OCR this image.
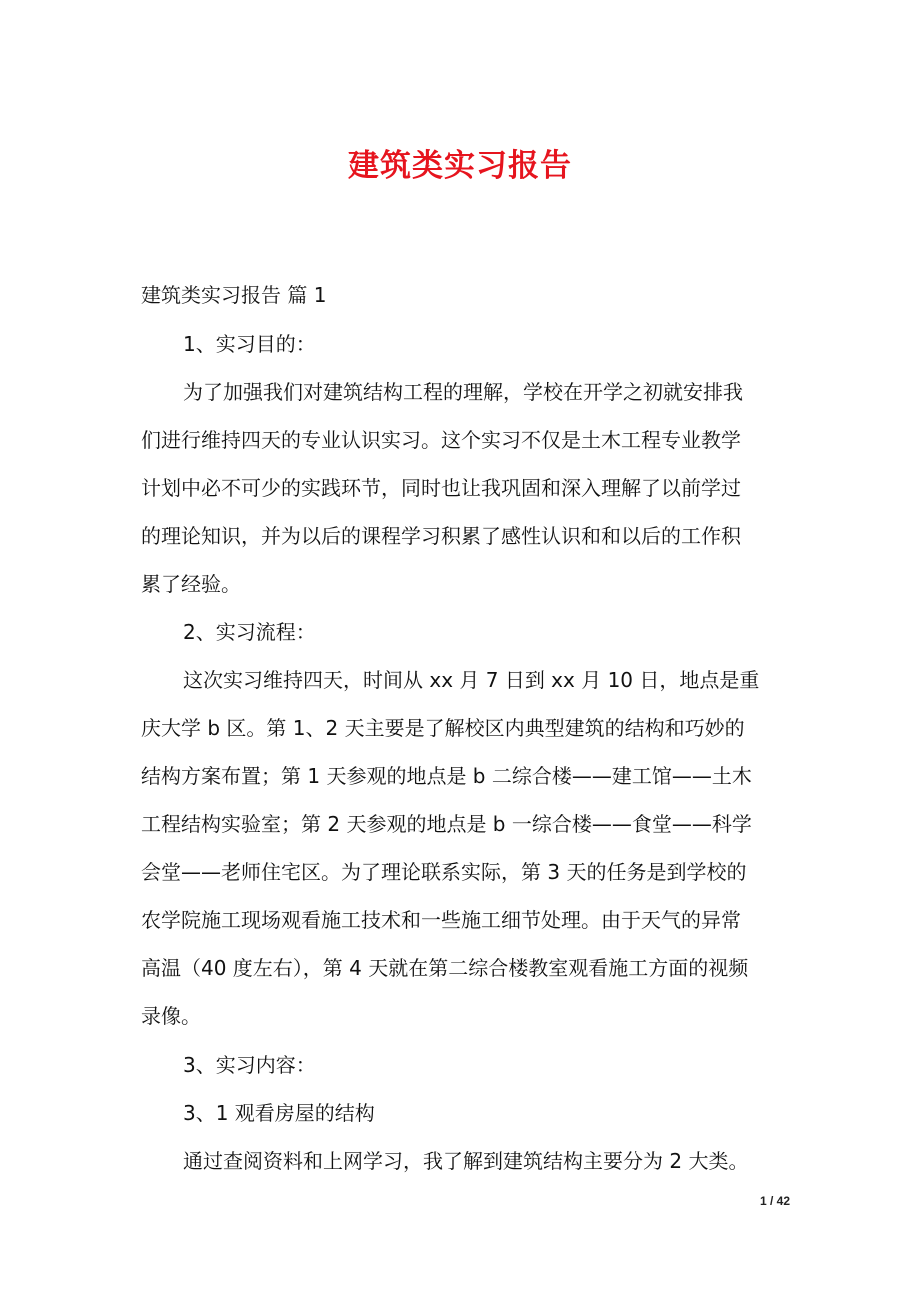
建筑类实习报告
建筑类实习报告 篇 1
1、实习目的：
为了加强我们对建筑结构工程的理解，学校在开学之初就安排我
们进行维持四天的专业认识实习。这个实习不仅是土木工程专业教学
计划中必不可少的实践环节，同时也让我巩固和深入理解了以前学过
的理论知识，并为以后的课程学习积累了感性认识和和以后的工作积
累了经验。
2、实习流程：
这次实习维持四天，时间从 xx 月 7 日到 xx 月 10 日，地点是重
庆大学 b 区。第 1、2 天主要是了解校区内典型建筑的结构和巧妙的
结构方案布置；第 1 天参观的地点是 b 二综合楼——建工馆——土木
工程结构实验室；第 2 天参观的地点是 b 一综合楼——食堂——科学
会堂——老师住宅区。为了理论联系实际，第 3 天的任务是到学校的
农学院施工现场观看施工技术和一些施工细节处理。由于天气的异常
高温（40 度左右），第 4 天就在第二综合楼教室观看施工方面的视频
录像。
3、实习内容：
3、1 观看房屋的结构
通过查阅资料和上网学习，我了解到建筑结构主要分为 2 大类。
1 / 42
